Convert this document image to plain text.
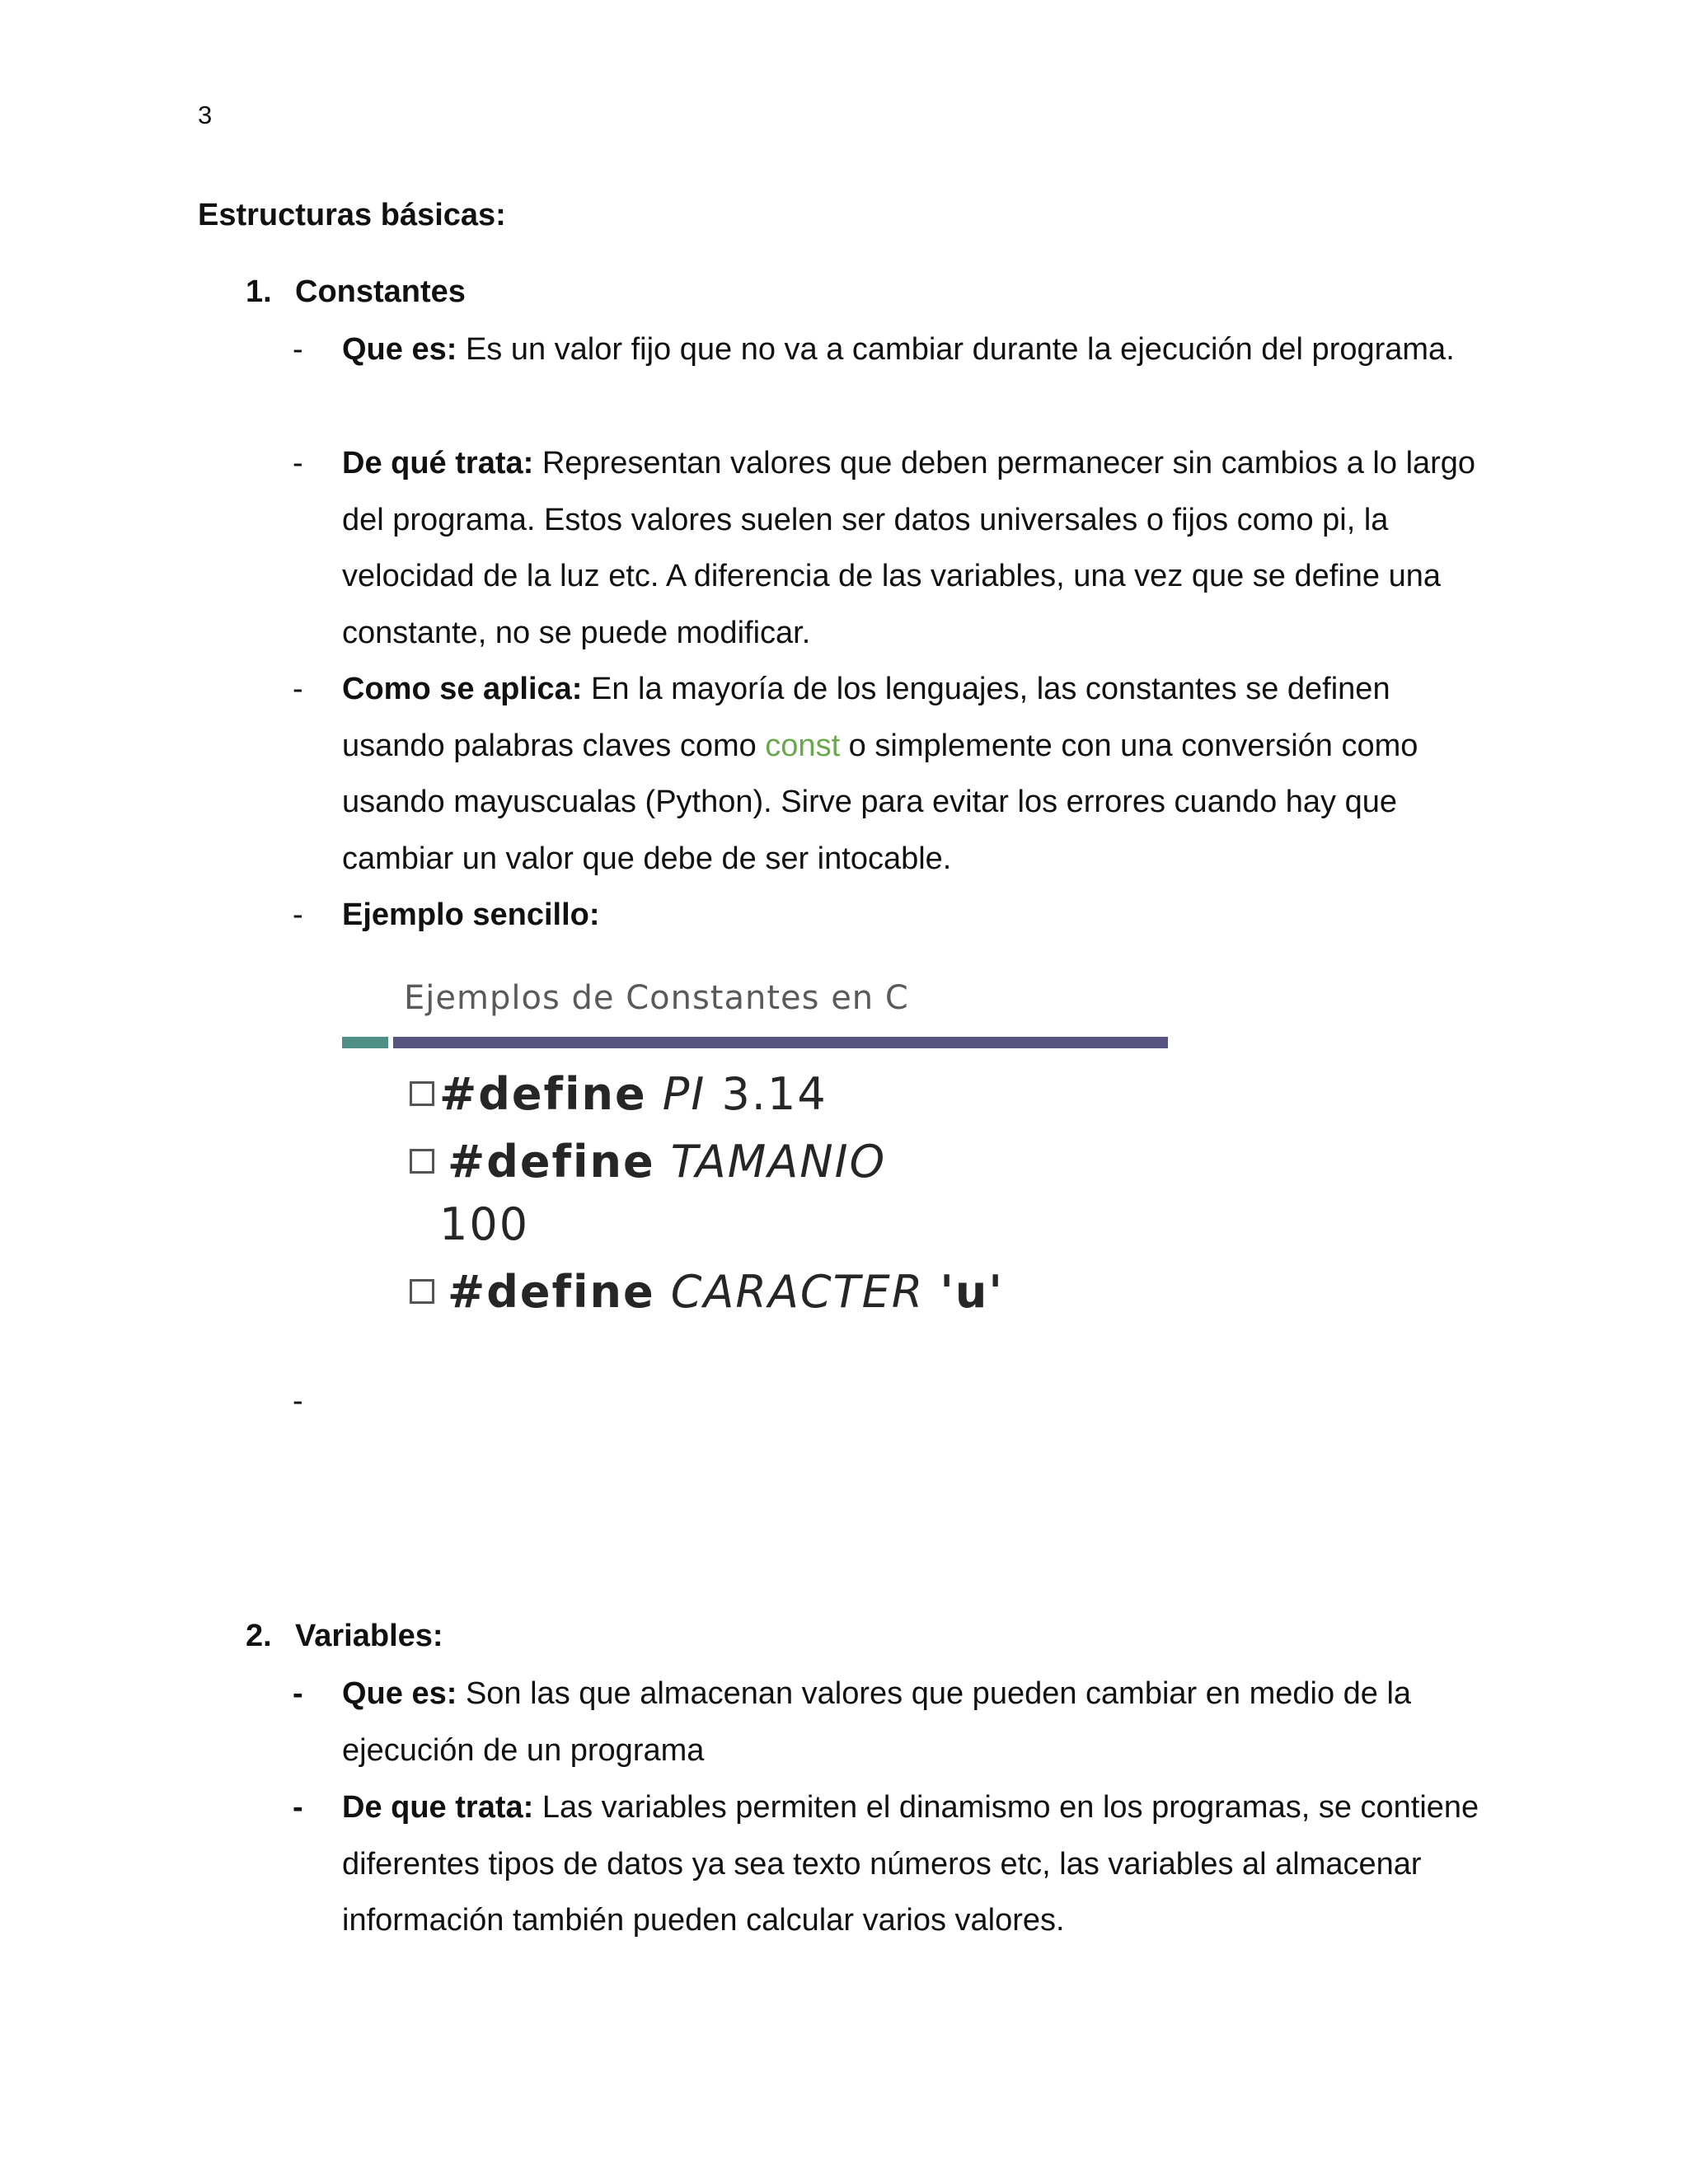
3
Estructuras básicas:
1. Constantes
- Que es: Es un valor fijo que no va a cambiar durante la ejecución del programa.
- De qué trata: Representan valores que deben permanecer sin cambios a lo largo del programa. Estos valores suelen ser datos universales o fijos como pi, la velocidad de la luz etc. A diferencia de las variables, una vez que se define una constante, no se puede modificar.
- Como se aplica: En la mayoría de los lenguajes, las constantes se definen usando palabras claves como const o simplemente con una conversión como usando mayuscualas (Python). Sirve para evitar los errores cuando hay que cambiar un valor que debe de ser intocable.
- Ejemplo sencillo:
Ejemplos de Constantes en C
#define PI 3.14
#define TAMANIO
100
#define CARACTER 'u'
-
2. Variables:
- Que es: Son las que almacenan valores que pueden cambiar en medio de la ejecución de un programa
- De que trata: Las variables permiten el dinamismo en los programas, se contiene diferentes tipos de datos ya sea texto números etc, las variables al almacenar información también pueden calcular varios valores.
